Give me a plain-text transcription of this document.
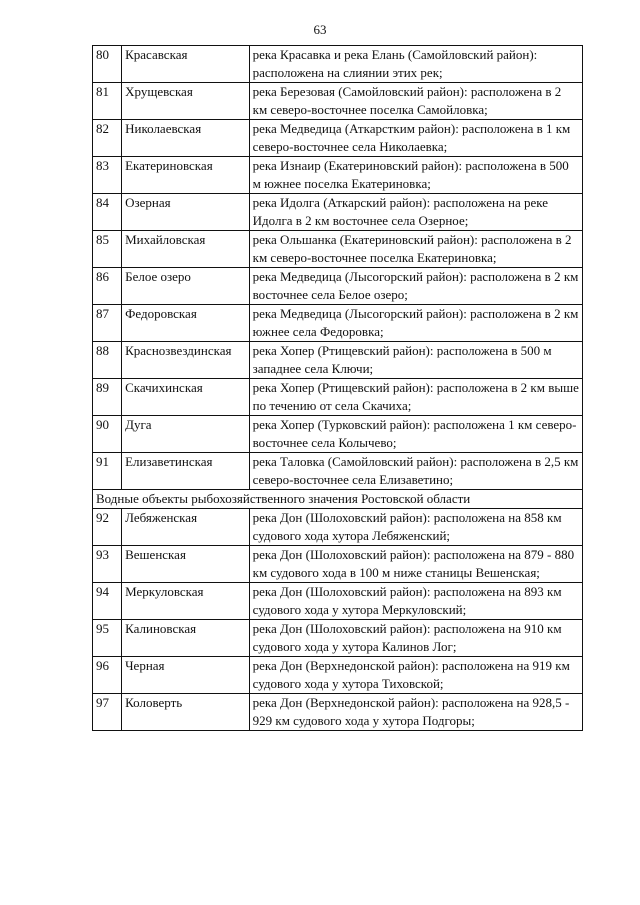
63
80	Красавская	река Красавка и река Елань (Самойловский район): расположена на слиянии этих рек;
81	Хрущевская	река Березовая (Самойловский район): расположена в 2 км северо-восточнее поселка Самойловка;
82	Николаевская	река Медведица (Аткарстким район): расположена в 1 км северо-восточнее села Николаевка;
83	Екатериновская	река Изнаир (Екатериновский район): расположена в 500 м южнее поселка Екатериновка;
84	Озерная	река Идолга (Аткарский район): расположена на реке Идолга в 2 км восточнее села Озерное;
85	Михайловская	река Ольшанка (Екатериновский район): расположена в 2 км северо-восточнее поселка Екатериновка;
86	Белое озеро	река Медведица (Лысогорский район): расположена в 2 км восточнее села Белое озеро;
87	Федоровская	река Медведица (Лысогорский район): расположена в 2 км южнее села Федоровка;
88	Краснозвездинская	река Хопер (Ртищевский район): расположена в 500 м западнее села Ключи;
89	Скачихинская	река Хопер (Ртищевский район): расположена в 2 км выше по течению от села Скачиха;
90	Дуга	река Хопер (Турковский район): расположена 1 км северо-восточнее села Колычево;
91	Елизаветинская	река Таловка (Самойловский район): расположена в 2,5 км северо-восточнее села Елизаветино;
Водные объекты рыбохозяйственного значения Ростовской области		
92	Лебяженская	река Дон (Шолоховский район): расположена на 858 км судового хода хутора Лебяженский;
93	Вешенская	река Дон (Шолоховский район): расположена на 879 - 880 км судового хода в 100 м ниже станицы Вешенская;
94	Меркуловская	река Дон (Шолоховский район): расположена на 893 км судового хода у хутора Меркуловский;
95	Калиновская	река Дон (Шолоховский район): расположена на 910 км судового хода у хутора Калинов Лог;
96	Черная	река Дон (Верхнедонской район): расположена на 919 км судового хода у хутора Тиховской;
97	Коловерть	река Дон (Верхнедонской район): расположена на 928,5 - 929 км судового хода у хутора Подгоры;
